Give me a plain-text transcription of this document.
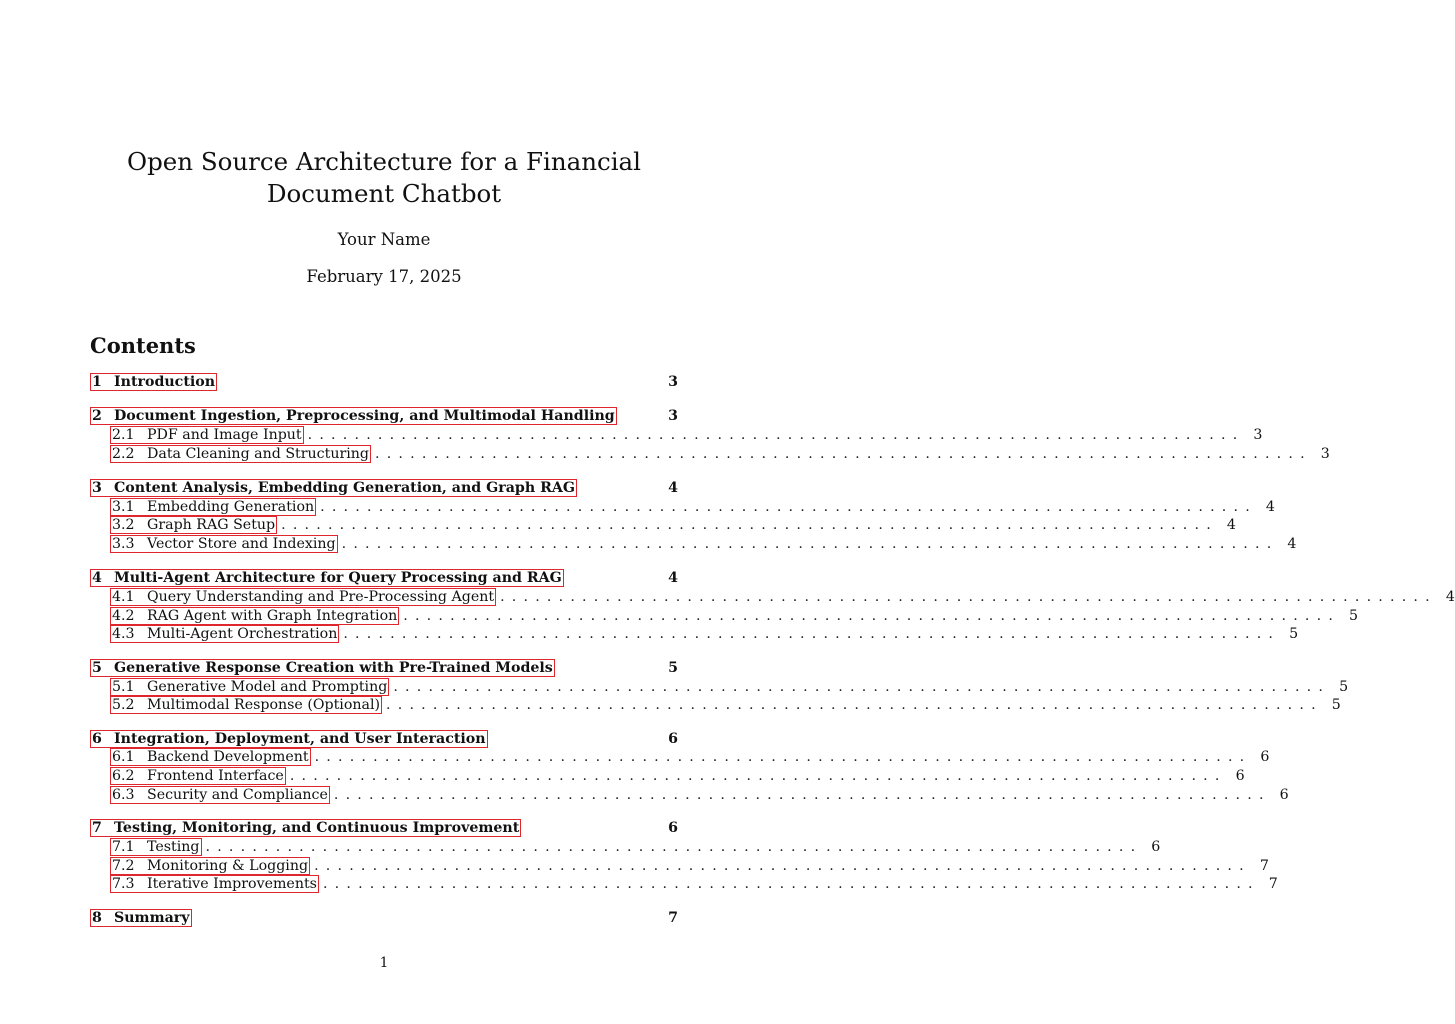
Open Source Architecture for a Financial Document Chatbot
Your Name
February 17, 2025
Contents
1 Introduction	3
2 Document Ingestion, Preprocessing, and Multimodal Handling	3
2.1 PDF and Image Input ................................................................................ 3
2.2 Data Cleaning and Structuring ................................................................................ 3
3 Content Analysis, Embedding Generation, and Graph RAG	4
3.1 Embedding Generation ................................................................................ 4
3.2 Graph RAG Setup ................................................................................ 4
3.3 Vector Store and Indexing ................................................................................ 4
4 Multi-Agent Architecture for Query Processing and RAG	4
4.1 Query Understanding and Pre-Processing Agent ................................................................................ 4
4.2 RAG Agent with Graph Integration ................................................................................ 5
4.3 Multi-Agent Orchestration ................................................................................ 5
5 Generative Response Creation with Pre-Trained Models	5
5.1 Generative Model and Prompting ................................................................................ 5
5.2 Multimodal Response (Optional) ................................................................................ 5
6 Integration, Deployment, and User Interaction	6
6.1 Backend Development ................................................................................ 6
6.2 Frontend Interface ................................................................................ 6
6.3 Security and Compliance ................................................................................ 6
7 Testing, Monitoring, and Continuous Improvement	6
7.1 Testing ................................................................................ 6
7.2 Monitoring & Logging ................................................................................ 7
7.3 Iterative Improvements ................................................................................ 7
8 Summary	7
1
